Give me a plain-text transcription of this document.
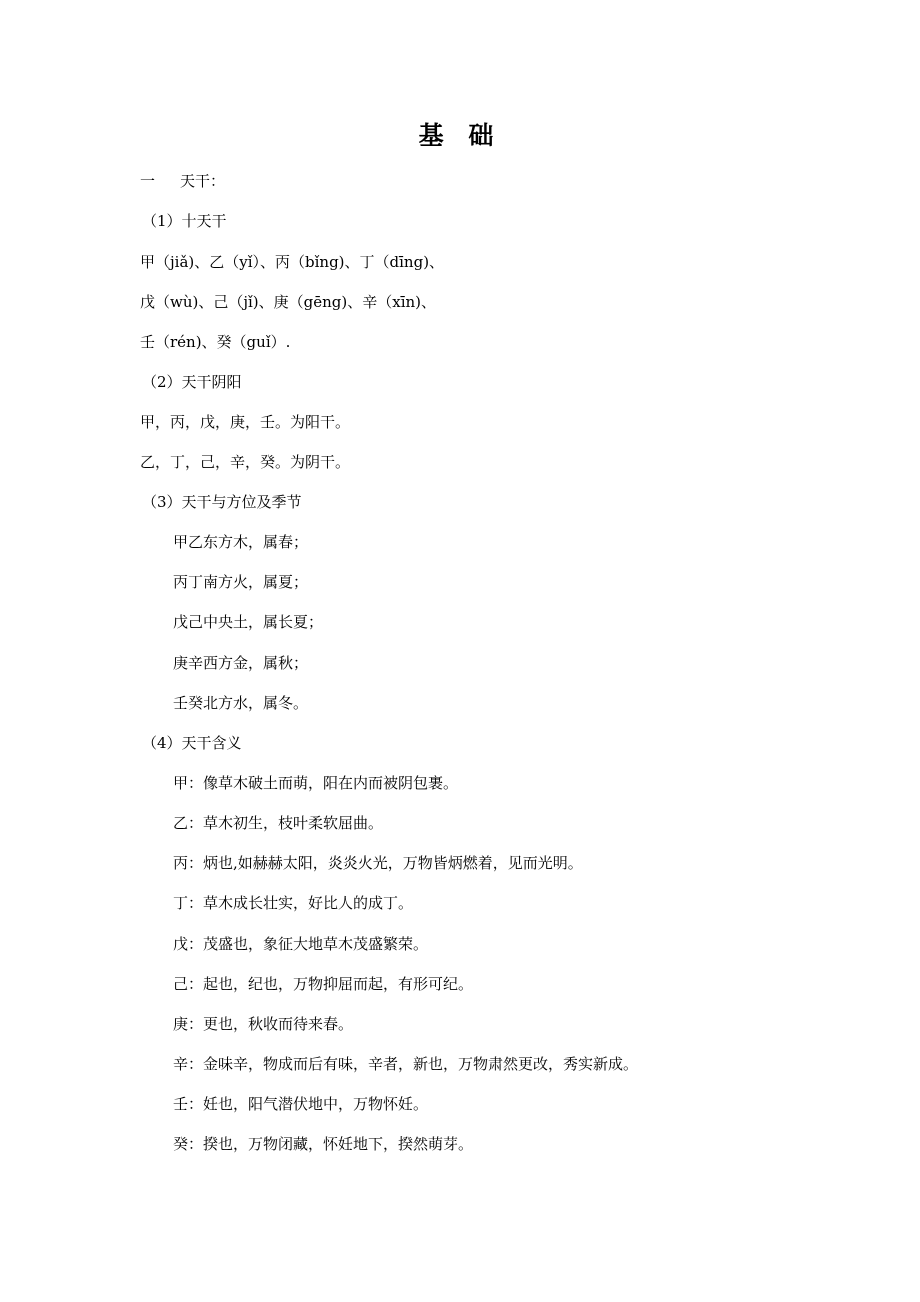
基 础
一 天干：
（1）十天干
甲（jiǎ)、乙（yǐ）、丙（bǐng)、丁（dīng)、
戊（wù)、己（jǐ)、庚（gēng)、辛（xīn)、
壬（rén)、癸（guǐ）.
（2）天干阴阳
甲，丙，戊，庚，壬。为阳干。
乙，丁，己，辛，癸。为阴干。
（3）天干与方位及季节
甲乙东方木，属春；
丙丁南方火，属夏；
戊己中央土，属长夏；
庚辛西方金，属秋；
壬癸北方水，属冬。
（4）天干含义
甲：像草木破土而萌，阳在内而被阴包裹。
乙：草木初生，枝叶柔软屈曲。
丙：炳也,如赫赫太阳，炎炎火光，万物皆炳燃着，见而光明。
丁：草木成长壮实，好比人的成丁。
戊：茂盛也，象征大地草木茂盛繁荣。
己：起也，纪也，万物抑屈而起，有形可纪。
庚：更也，秋收而待来春。
辛：金味辛，物成而后有味，辛者，新也，万物肃然更改，秀实新成。
壬：妊也，阳气潜伏地中，万物怀妊。
癸：揆也，万物闭藏，怀妊地下，揆然萌芽。
